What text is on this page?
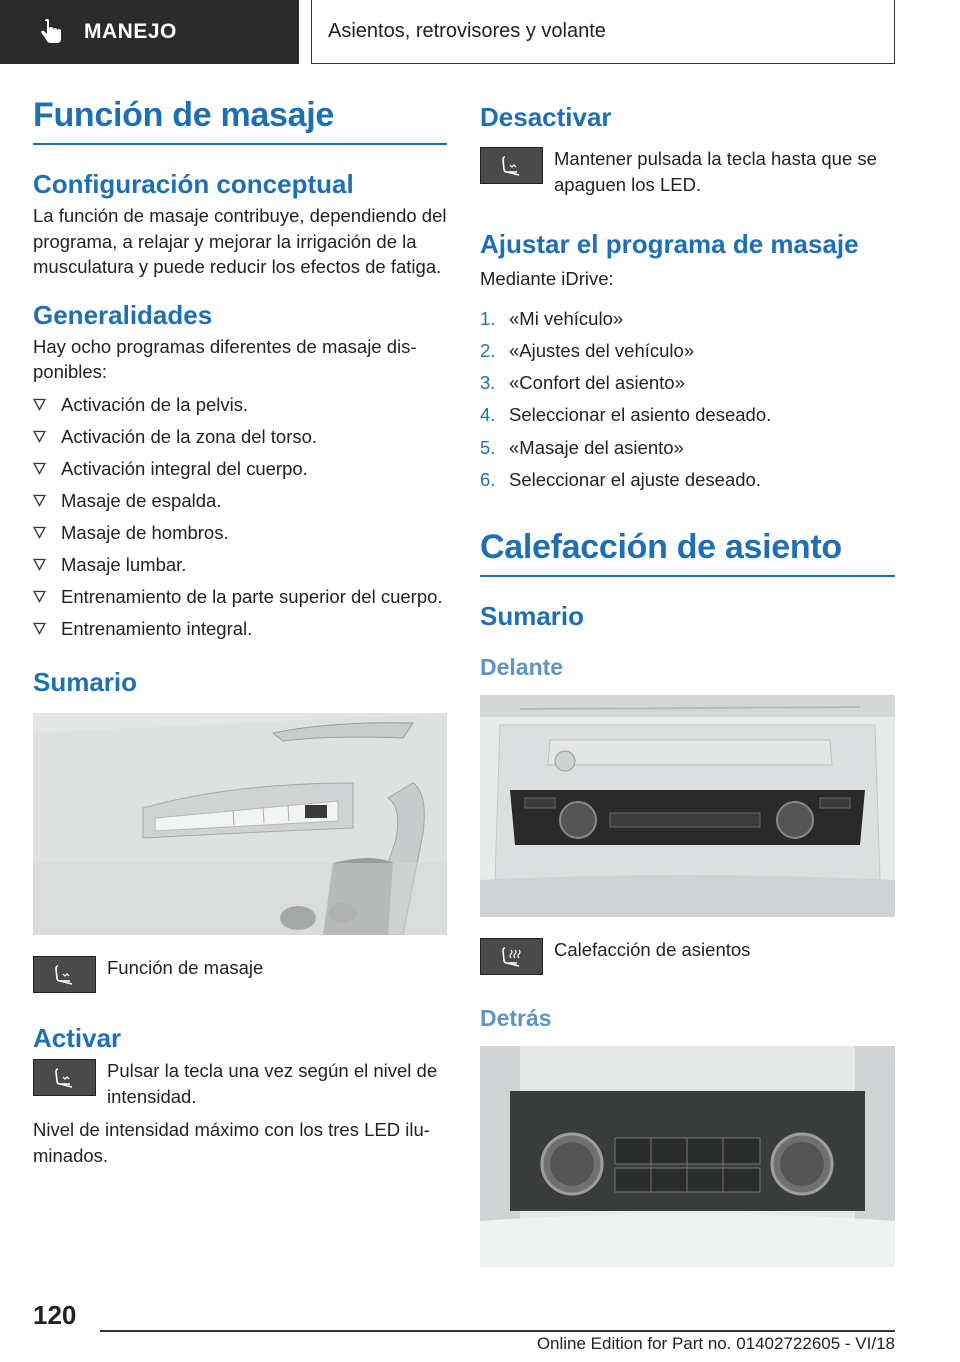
MANEJO	Asientos, retrovisores y volante
Función de masaje
Configuración conceptual

La función de masaje contribuye, dependiendo del programa, a relajar y mejorar la irrigación de la musculatura y puede reducir los efectos de fatiga.

Generalidades

Hay ocho programas diferentes de masaje disponibles:

Activación de la pelvis.
Activación de la zona del torso.
Activación integral del cuerpo.
Masaje de espalda.
Masaje de hombros.
Masaje lumbar.
Entrenamiento de la parte superior del cuerpo.
Entrenamiento integral.
Sumario

Función de masaje

Activar

Pulsar la tecla una vez según el nivel de intensidad.

Nivel de intensidad máximo con los tres LED iluminados.

Desactivar

Mantener pulsada la tecla hasta que se apaguen los LED.

Ajustar el programa de masaje

Mediante iDrive:

1. «Mi vehículo»
2. «Ajustes del vehículo»
3. «Confort del asiento»
4. Seleccionar el asiento deseado.
5. «Masaje del asiento»
6. Seleccionar el ajuste deseado.
Calefacción de asiento
Sumario
Delante

Calefacción de asientos

Detrás
120
Online Edition for Part no. 01402722605 - VI/18
